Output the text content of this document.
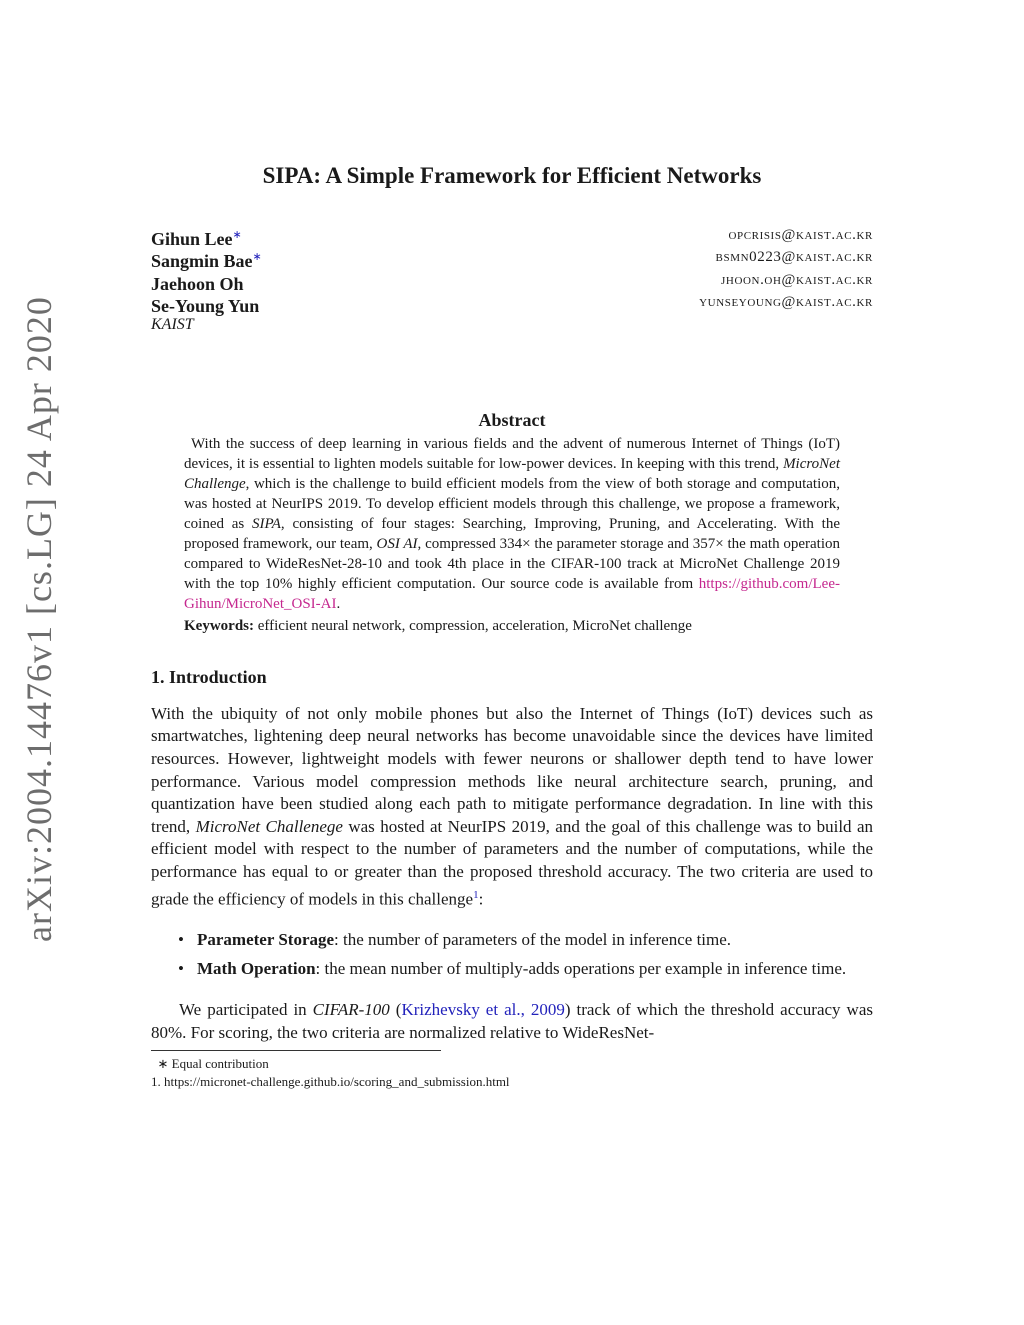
arXiv:2004.14476v1 [cs.LG] 24 Apr 2020
SIPA: A Simple Framework for Efficient Networks
Gihun Lee∗	opcrisis@kaist.ac.kr
Sangmin Bae∗	bsmn0223@kaist.ac.kr
Jaehoon Oh	jhoon.oh@kaist.ac.kr
Se-Young Yun	yunseyoung@kaist.ac.kr
KAIST
Abstract

With the success of deep learning in various fields and the advent of numerous Internet of Things (IoT) devices, it is essential to lighten models suitable for low-power devices. In keeping with this trend, MicroNet Challenge, which is the challenge to build efficient models from the view of both storage and computation, was hosted at NeurIPS 2019. To develop efficient models through this challenge, we propose a framework, coined as SIPA, consisting of four stages: Searching, Improving, Pruning, and Accelerating. With the proposed framework, our team, OSI AI, compressed 334× the parameter storage and 357× the math operation compared to WideResNet-28-10 and took 4th place in the CIFAR-100 track at MicroNet Challenge 2019 with the top 10% highly efficient computation. Our source code is available from https://github.com/Lee-Gihun/MicroNet_OSI-AI.

Keywords: efficient neural network, compression, acceleration, MicroNet challenge
1. Introduction

With the ubiquity of not only mobile phones but also the Internet of Things (IoT) devices such as smartwatches, lightening deep neural networks has become unavoidable since the devices have limited resources. However, lightweight models with fewer neurons or shallower depth tend to have lower performance. Various model compression methods like neural architecture search, pruning, and quantization have been studied along each path to mitigate performance degradation. In line with this trend, MicroNet Challenege was hosted at NeurIPS 2019, and the goal of this challenge was to build an efficient model with respect to the number of parameters and the number of computations, while the performance has equal to or greater than the proposed threshold accuracy. The two criteria are used to grade the efficiency of models in this challenge$^1$:

• Parameter Storage: the number of parameters of the model in inference time.
• Math Operation: the mean number of multiply-adds operations per example in inference time.

We participated in CIFAR-100 (Krizhevsky et al., 2009) track of which the threshold accuracy was 80%. For scoring, the two criteria are normalized relative to WideResNet-

∗ Equal contribution
1. https://micronet-challenge.github.io/scoring_and_submission.html
